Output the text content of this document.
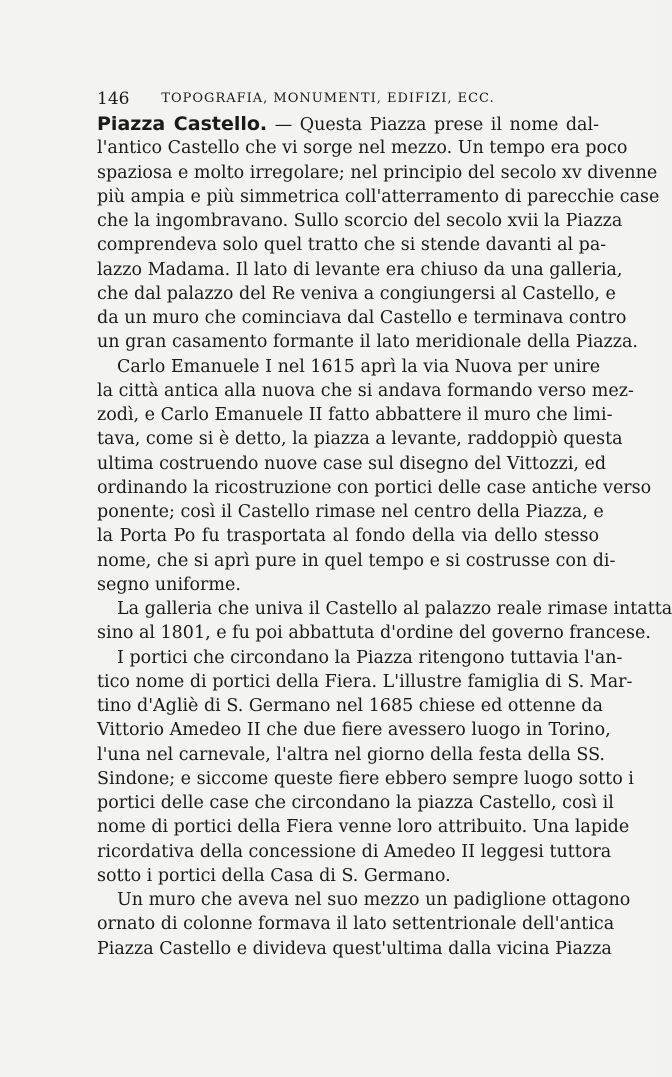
146	TOPOGRAFIA, MONUMENTI, EDIFIZI, ECC.
Piazza Castello. — Questa Piazza prese il nome dal-
l'antico Castello che vi sorge nel mezzo. Un tempo era poco
spaziosa e molto irregolare; nel principio del secolo xv divenne
più ampia e più simmetrica coll'atterramento di parecchie case
che la ingombravano. Sullo scorcio del secolo xvii la Piazza
comprendeva solo quel tratto che si stende davanti al pa-
lazzo Madama. Il lato di levante era chiuso da una galleria,
che dal palazzo del Re veniva a congiungersi al Castello, e
da un muro che cominciava dal Castello e terminava contro
un gran casamento formante il lato meridionale della Piazza.
Carlo Emanuele I nel 1615 aprì la via Nuova per unire
la città antica alla nuova che si andava formando verso mez-
zodì, e Carlo Emanuele II fatto abbattere il muro che limi-
tava, come si è detto, la piazza a levante, raddoppiò questa
ultima costruendo nuove case sul disegno del Vittozzi, ed
ordinando la ricostruzione con portici delle case antiche verso
ponente; così il Castello rimase nel centro della Piazza, e
la Porta Po fu trasportata al fondo della via dello stesso
nome, che si aprì pure in quel tempo e si costrusse con di-
segno uniforme.
La galleria che univa il Castello al palazzo reale rimase intatta
sino al 1801, e fu poi abbattuta d'ordine del governo francese.
I portici che circondano la Piazza ritengono tuttavia l'an-
tico nome di portici della Fiera. L'illustre famiglia di S. Mar-
tino d'Agliè di S. Germano nel 1685 chiese ed ottenne da
Vittorio Amedeo II che due fiere avessero luogo in Torino,
l'una nel carnevale, l'altra nel giorno della festa della SS.
Sindone; e siccome queste fiere ebbero sempre luogo sotto i
portici delle case che circondano la piazza Castello, così il
nome di portici della Fiera venne loro attribuito. Una lapide
ricordativa della concessione di Amedeo II leggesi tuttora
sotto i portici della Casa di S. Germano.
Un muro che aveva nel suo mezzo un padiglione ottagono
ornato di colonne formava il lato settentrionale dell'antica
Piazza Castello e divideva quest'ultima dalla vicina Piazza
